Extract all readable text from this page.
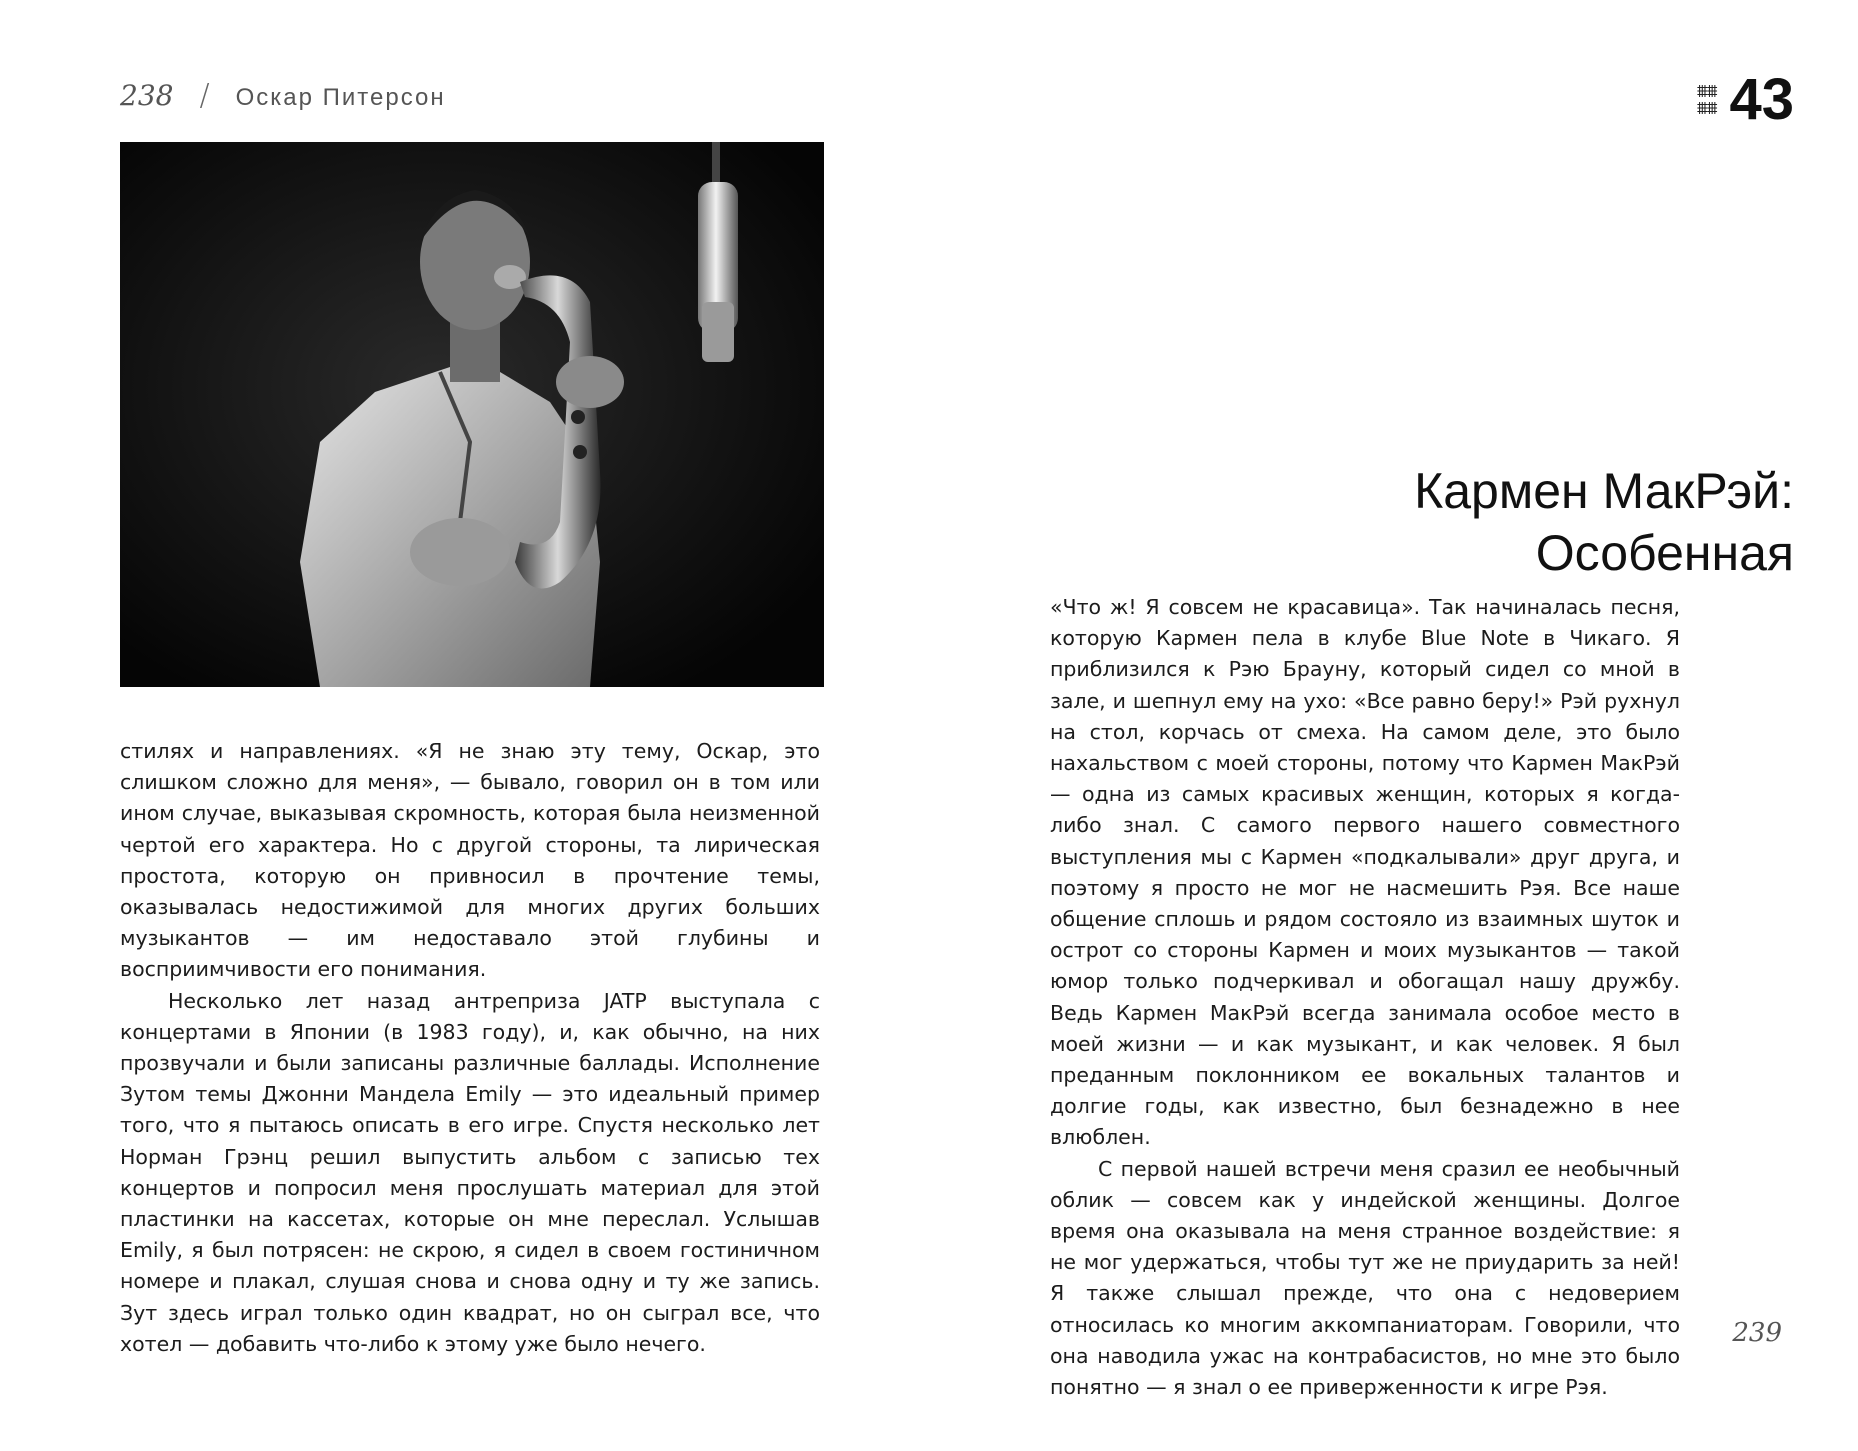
238 / Оскар Питерсон

стилях и направлениях. «Я не знаю эту тему, Оскар, это слишком сложно для меня», — бывало, говорил он в том или ином случае, выказывая скромность, которая была неизменной чертой его характера. Но с другой стороны, та лирическая простота, которую он привносил в прочтение темы, оказывалась недостижимой для многих других больших музыкантов — им недоставало этой глубины и восприимчивости его понимания.

Несколько лет назад антреприза JATP выступала с концертами в Японии (в 1983 году), и, как обычно, на них прозвучали и были записаны различные баллады. Исполнение Зутом темы Джонни Мандела Emily — это идеальный пример того, что я пытаюсь описать в его игре. Спустя несколько лет Норман Грэнц решил выпустить альбом с записью тех концертов и попросил меня прослушать материал для этой пластинки на кассетах, которые он мне переслал. Услышав Emily, я был потрясен: не скрою, я сидел в своем гостиничном номере и плакал, слушая снова и снова одну и ту же запись. Зут здесь играл только один квадрат, но он сыграл все, что хотел — добавить что-либо к этому уже было нечего.

⩩⩩
⩩⩩ 43
Кармен МакРэй:
Особенная

«Что ж! Я совсем не красавица». Так начиналась песня, которую Кармен пела в клубе Blue Note в Чикаго. Я приблизился к Рэю Брауну, который сидел со мной в зале, и шепнул ему на ухо: «Все равно беру!» Рэй рухнул на стол, корчась от смеха. На самом деле, это было нахальством с моей стороны, потому что Кармен МакРэй — одна из самых красивых женщин, которых я когда-либо знал. С самого первого нашего совместного выступления мы с Кармен «подкалывали» друг друга, и поэтому я просто не мог не насмешить Рэя. Все наше общение сплошь и рядом состояло из взаимных шуток и острот со стороны Кармен и моих музыкантов — такой юмор только подчеркивал и обогащал нашу дружбу. Ведь Кармен МакРэй всегда занимала особое место в моей жизни — и как музыкант, и как человек. Я был преданным поклонником ее вокальных талантов и долгие годы, как известно, был безнадежно в нее влюблен.

С первой нашей встречи меня сразил ее необычный облик — совсем как у индейской женщины. Долгое время она оказывала на меня странное воздействие: я не мог удержаться, чтобы тут же не приударить за ней! Я также слышал прежде, что она с недоверием относилась ко многим аккомпаниаторам. Говорили, что она наводила ужас на контрабасистов, но мне это было понятно — я знал о ее приверженности к игре Рэя.

239
